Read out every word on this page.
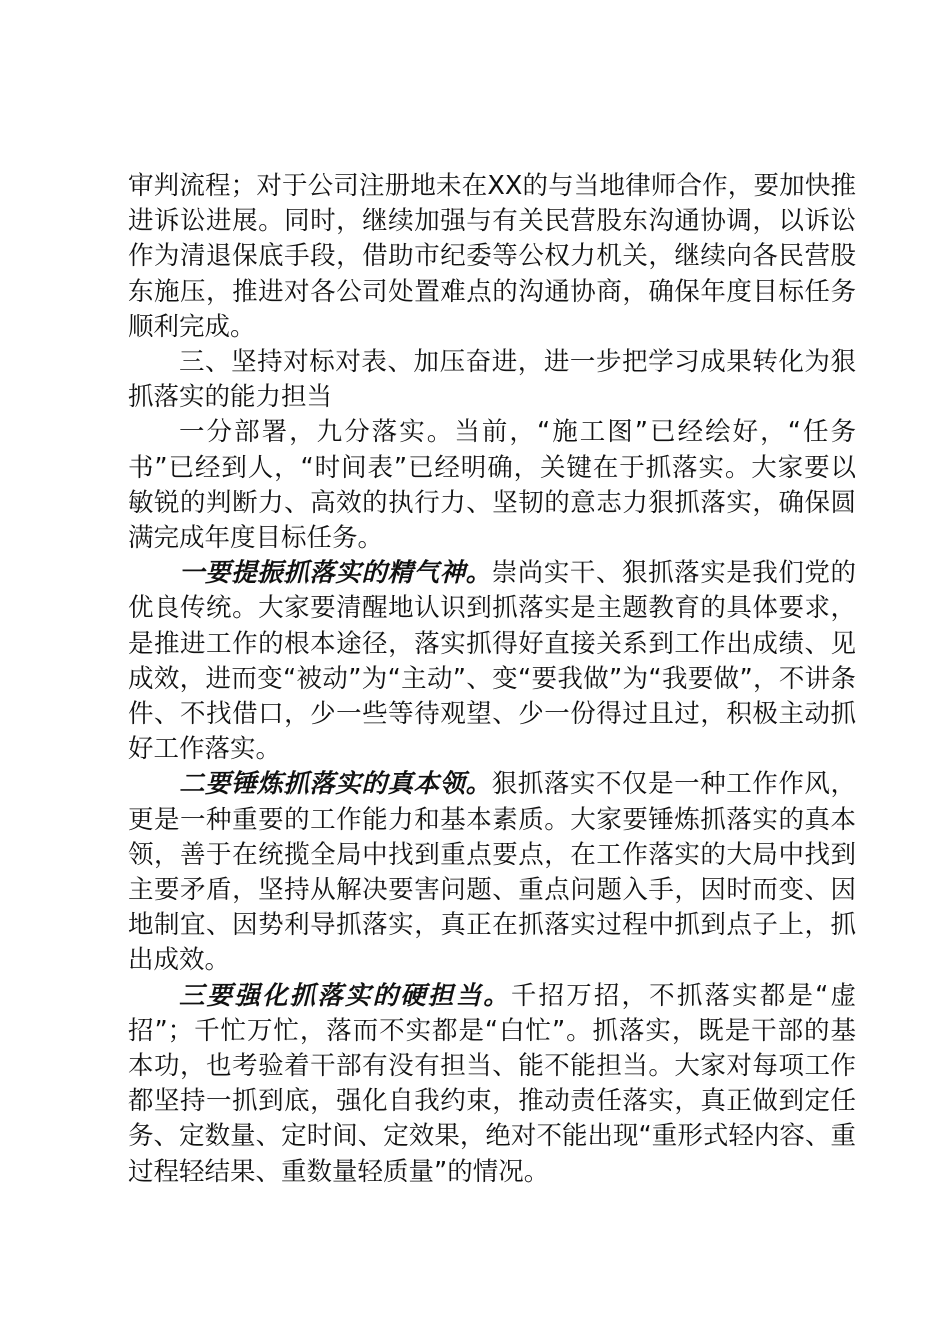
审判流程；对于公司注册地未在XX的与当地律师合作，要加快推进诉讼进展。同时，继续加强与有关民营股东沟通协调，以诉讼作为清退保底手段，借助市纪委等公权力机关，继续向各民营股东施压，推进对各公司处置难点的沟通协商，确保年度目标任务顺利完成。

三、坚持对标对表、加压奋进，进一步把学习成果转化为狠抓落实的能力担当

一分部署，九分落实。当前，“施工图”已经绘好，“任务书”已经到人，“时间表”已经明确，关键在于抓落实。大家要以敏锐的判断力、高效的执行力、坚韧的意志力狠抓落实，确保圆满完成年度目标任务。

一要提振抓落实的精气神。崇尚实干、狠抓落实是我们党的优良传统。大家要清醒地认识到抓落实是主题教育的具体要求，是推进工作的根本途径，落实抓得好直接关系到工作出成绩、见成效，进而变“被动”为“主动”、变“要我做”为“我要做”，不讲条件、不找借口，少一些等待观望、少一份得过且过，积极主动抓好工作落实。

二要锤炼抓落实的真本领。狠抓落实不仅是一种工作作风，更是一种重要的工作能力和基本素质。大家要锤炼抓落实的真本领，善于在统揽全局中找到重点要点，在工作落实的大局中找到主要矛盾，坚持从解决要害问题、重点问题入手，因时而变、因地制宜、因势利导抓落实，真正在抓落实过程中抓到点子上，抓出成效。

三要强化抓落实的硬担当。千招万招，不抓落实都是“虚招”；千忙万忙，落而不实都是“白忙”。抓落实，既是干部的基本功，也考验着干部有没有担当、能不能担当。大家对每项工作都坚持一抓到底，强化自我约束，推动责任落实，真正做到定任务、定数量、定时间、定效果，绝对不能出现“重形式轻内容、重过程轻结果、重数量轻质量”的情况。
